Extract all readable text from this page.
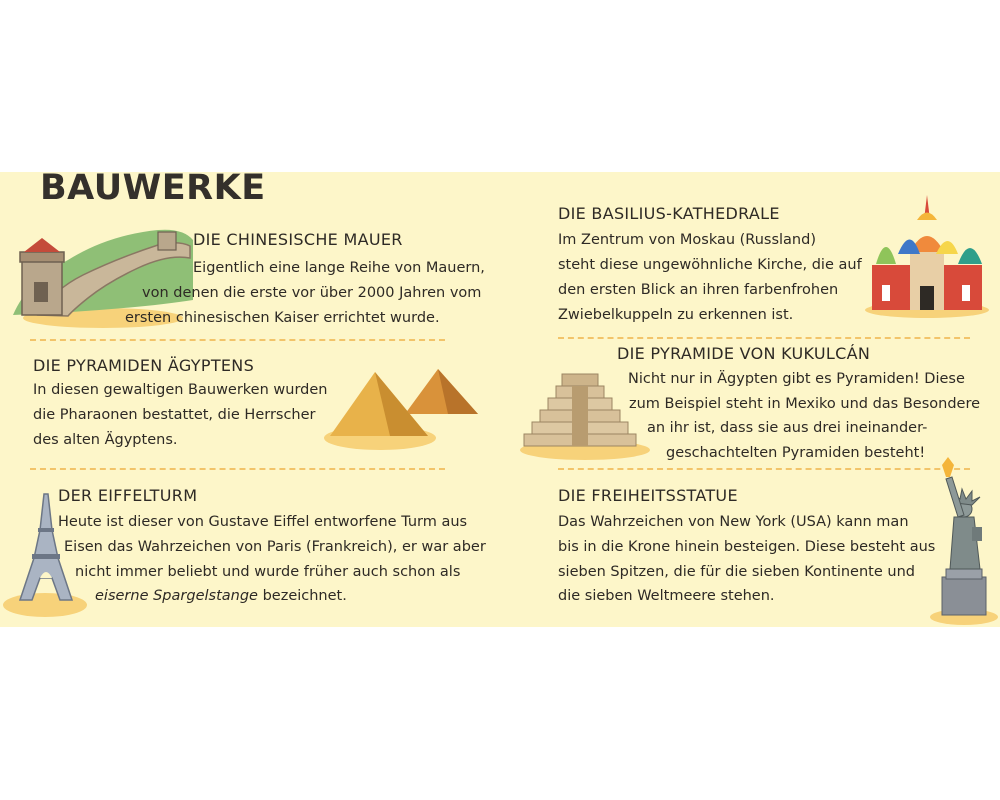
BAUWERKE
DIE CHINESISCHE MAUER
Eigentlich eine lange Reihe von Mauern,
von denen die erste vor über 2000 Jahren vom
ersten chinesischen Kaiser errichtet wurde.
DIE BASILIUS-KATHEDRALE
Im Zentrum von Moskau (Russland)
steht diese ungewöhnliche Kirche, die auf
den ersten Blick an ihren farbenfrohen
Zwiebelkuppeln zu erkennen ist.
DIE PYRAMIDEN ÄGYPTENS
In diesen gewaltigen Bauwerken wurden
die Pharaonen bestattet, die Herrscher
des alten Ägyptens.
DIE PYRAMIDE VON KUKULCÁN
Nicht nur in Ägypten gibt es Pyramiden! Diese
zum Beispiel steht in Mexiko und das Besondere
an ihr ist, dass sie aus drei ineinander-
geschachtelten Pyramiden besteht!
DER EIFFELTURM
Heute ist dieser von Gustave Eiffel entworfene Turm aus
Eisen das Wahrzeichen von Paris (Frankreich), er war aber
nicht immer beliebt und wurde früher auch schon als
eiserne Spargelstange bezeichnet.
DIE FREIHEITSSTATUE
Das Wahrzeichen von New York (USA) kann man
bis in die Krone hinein besteigen. Diese besteht aus
sieben Spitzen, die für die sieben Kontinente und
die sieben Weltmeere stehen.
